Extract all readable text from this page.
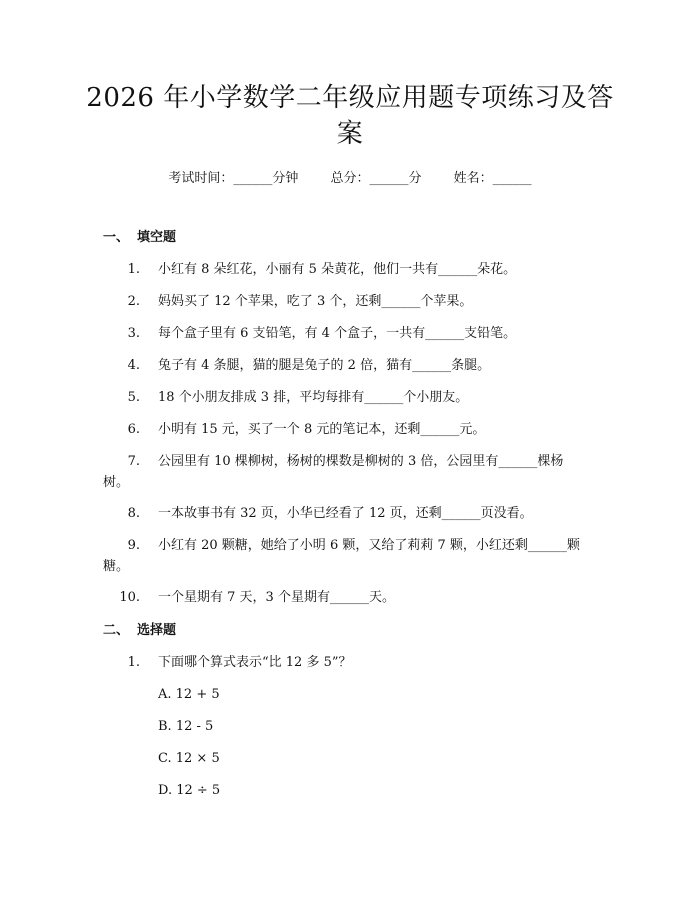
2026 年小学数学二年级应用题专项练习及答
案
考试时间：______分钟 总分：______分 姓名：______
一、 填空题
1. 小红有 8 朵红花，小丽有 5 朵黄花，他们一共有______朵花。
2. 妈妈买了 12 个苹果，吃了 3 个，还剩______个苹果。
3. 每个盒子里有 6 支铅笔，有 4 个盒子，一共有______支铅笔。
4. 兔子有 4 条腿，猫的腿是兔子的 2 倍，猫有______条腿。
5. 18 个小朋友排成 3 排，平均每排有______个小朋友。
6. 小明有 15 元，买了一个 8 元的笔记本，还剩______元。
7. 公园里有 10 棵柳树，杨树的棵数是柳树的 3 倍，公园里有______棵杨
树。
8. 一本故事书有 32 页，小华已经看了 12 页，还剩______页没看。
9. 小红有 20 颗糖，她给了小明 6 颗，又给了莉莉 7 颗，小红还剩______颗
糖。
10. 一个星期有 7 天，3 个星期有______天。
二、 选择题
1. 下面哪个算式表示“比 12 多 5”？
A. 12 + 5
B. 12 - 5
C. 12 × 5
D. 12 ÷ 5
